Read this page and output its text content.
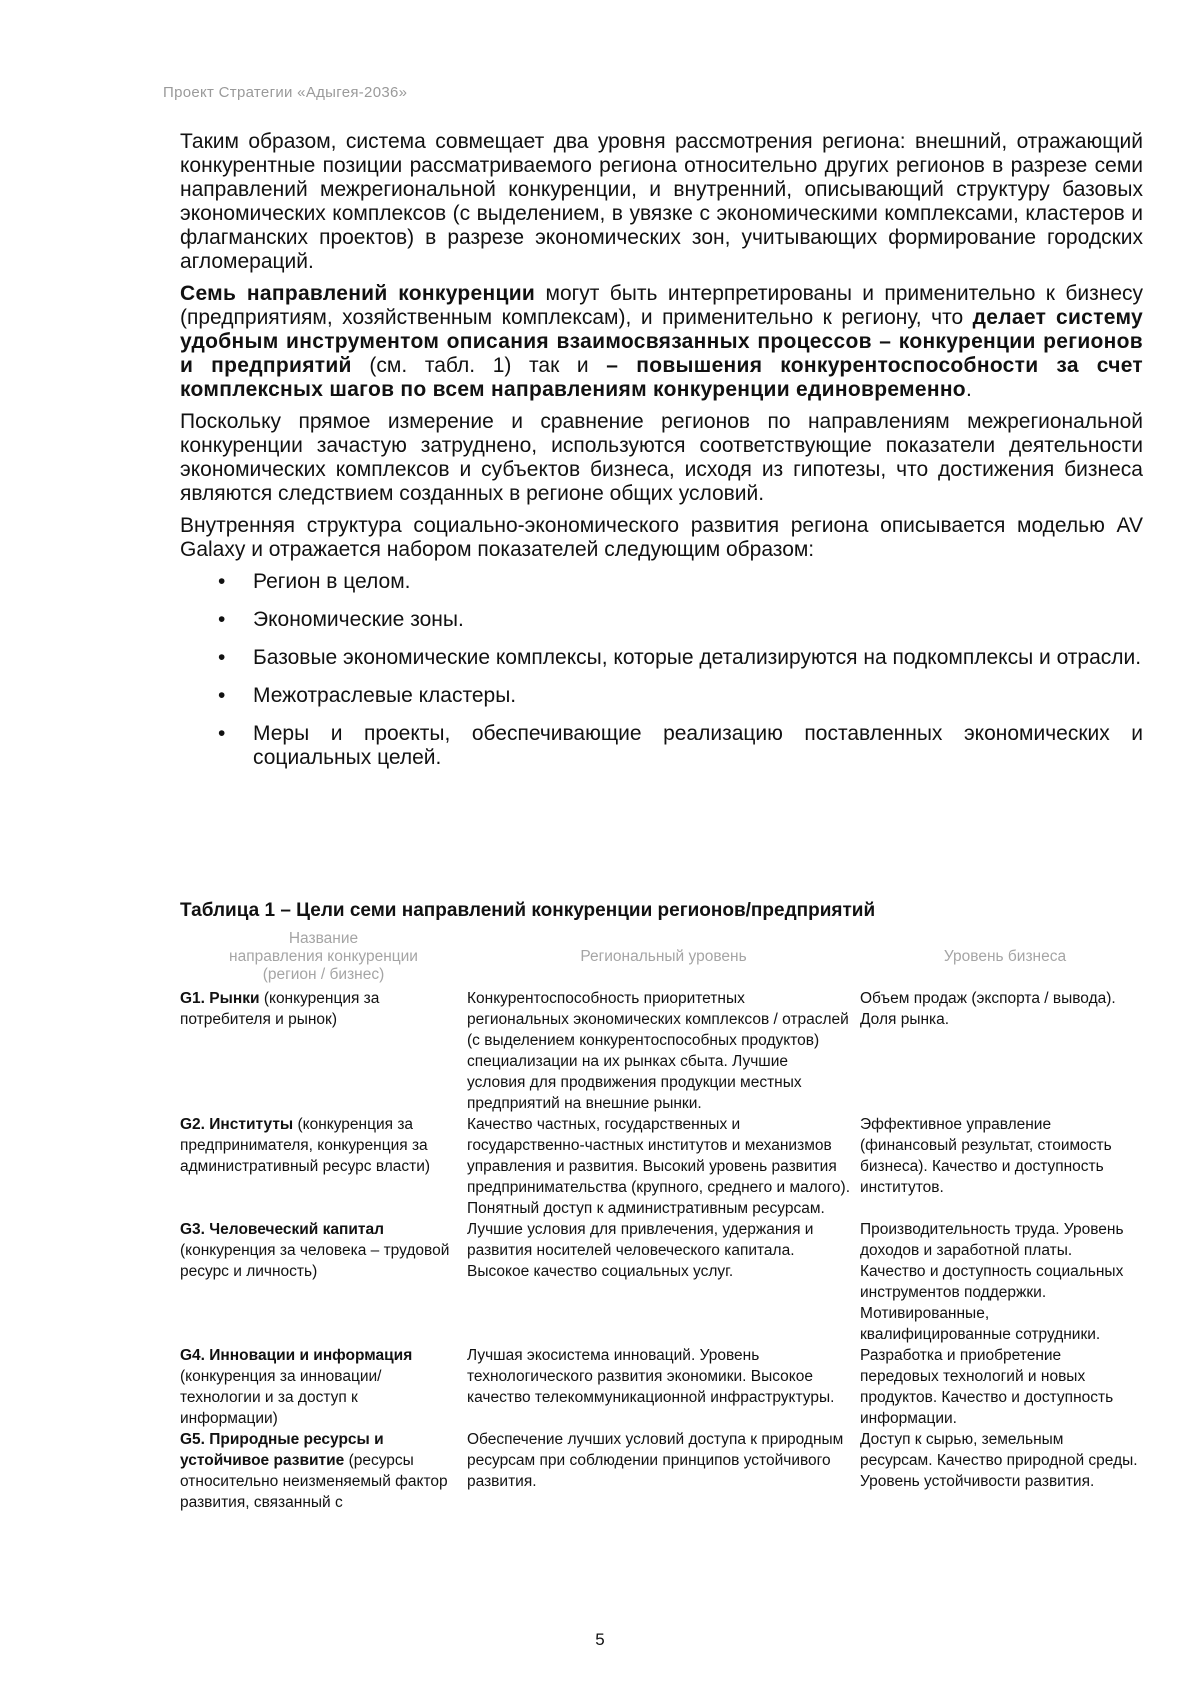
Проект Стратегии «Адыгея-2036»

Таким образом, система совмещает два уровня рассмотрения региона: внешний, отражающий конкурентные позиции рассматриваемого региона относительно других регионов в разрезе семи направлений межрегиональной конкуренции, и внутренний, описывающий структуру базовых экономических комплексов (с выделением, в увязке с экономическими комплексами, кластеров и флагманских проектов) в разрезе экономических зон, учитывающих формирование городских агломераций.

Семь направлений конкуренции могут быть интерпретированы и применительно к бизнесу (предприятиям, хозяйственным комплексам), и применительно к региону, что делает систему удобным инструментом описания взаимосвязанных процессов – конкуренции регионов и предприятий (см. табл. 1) так и – повышения конкурентоспособности за счет комплексных шагов по всем направлениям конкуренции единовременно.

Поскольку прямое измерение и сравнение регионов по направлениям межрегиональной конкуренции зачастую затруднено, используются соответствующие показатели деятельности экономических комплексов и субъектов бизнеса, исходя из гипотезы, что достижения бизнеса являются следствием созданных в регионе общих условий.

Внутренняя структура социально-экономического развития региона описывается моделью AV Galaxy и отражается набором показателей следующим образом:

• Регион в целом.
• Экономические зоны.
• Базовые экономические комплексы, которые детализируются на подкомплексы и отрасли.
• Межотраслевые кластеры.
• Меры и проекты, обеспечивающие реализацию поставленных экономических и социальных целей.
Таблица 1 – Цели семи направлений конкуренции регионов/предприятий
Название
направления конкуренции
(регион / бизнес)	Региональный уровень	Уровень бизнеса
G1. Рынки (конкуренция за потребителя и рынок)	Конкурентоспособность приоритетных региональных экономических комплексов / отраслей (с выделением конкурентоспособных продуктов) специализации на их рынках сбыта. Лучшие условия для продвижения продукции местных предприятий на внешние рынки.	Объем продаж (экспорта / вывода). Доля рынка.
G2. Институты (конкуренция за предпринимателя, конкуренция за административный ресурс власти)	Качество частных, государственных и государственно-частных институтов и механизмов управления и развития. Высокий уровень развития предпринимательства (крупного, среднего и малого). Понятный доступ к административным ресурсам.	Эффективное управление (финансовый результат, стоимость бизнеса). Качество и доступность институтов.
G3. Человеческий капитал (конкуренция за человека – трудовой ресурс и личность)	Лучшие условия для привлечения, удержания и развития носителей человеческого капитала. Высокое качество социальных услуг.	Производительность труда. Уровень доходов и заработной платы. Качество и доступность социальных инструментов поддержки. Мотивированные, квалифицированные сотрудники.
G4. Инновации и информация (конкуренция за инновации/технологии и за доступ к информации)	Лучшая экосистема инноваций. Уровень технологического развития экономики. Высокое качество телекоммуникационной инфраструктуры.	Разработка и приобретение передовых технологий и новых продуктов. Качество и доступность информации.
G5. Природные ресурсы и устойчивое развитие (ресурсы относительно неизменяемый фактор развития, связанный с	Обеспечение лучших условий доступа к природным ресурсам при соблюдении принципов устойчивого развития.	Доступ к сырью, земельным ресурсам. Качество природной среды. Уровень устойчивости развития.
5
